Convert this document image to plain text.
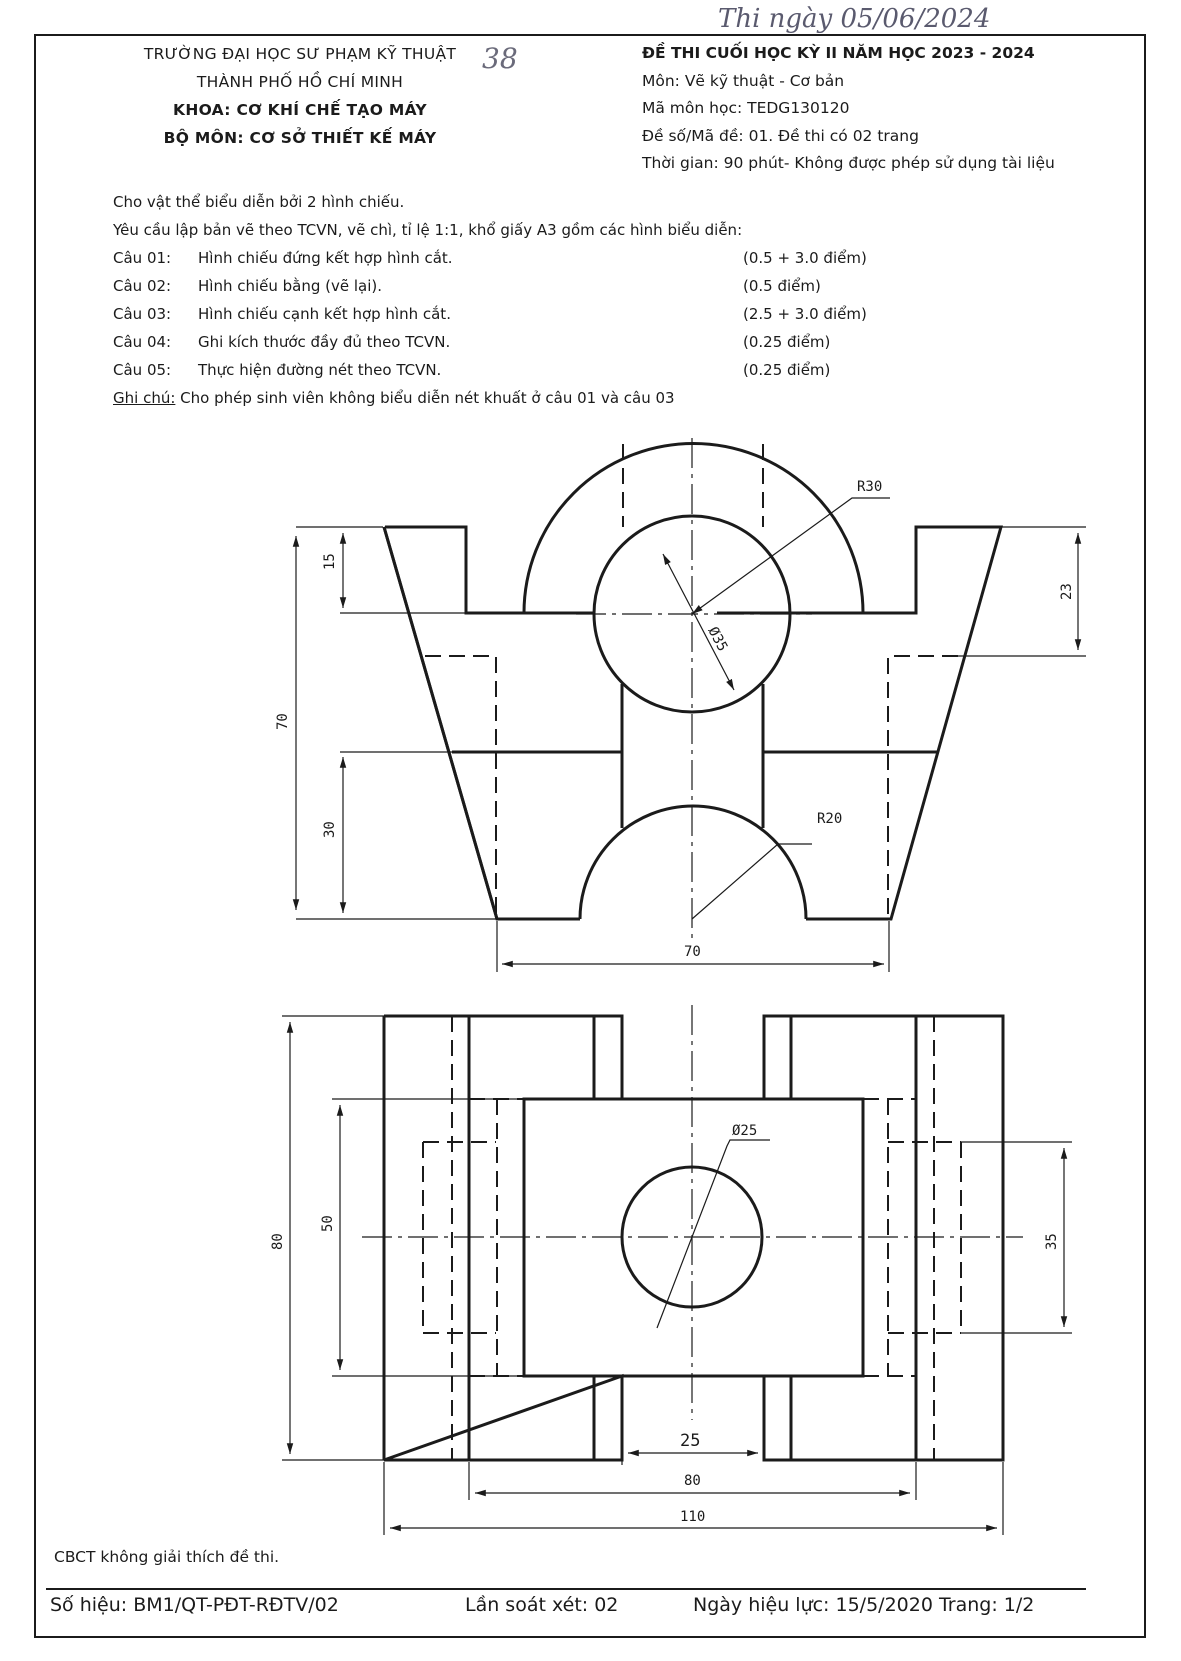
Thi ngày 05/06/2024
38
TRƯỜNG ĐẠI HỌC SƯ PHẠM KỸ THUẬT
THÀNH PHỐ HỒ CHÍ MINH
KHOA: CƠ KHÍ CHẾ TẠO MÁY
BỘ MÔN: CƠ SỞ THIẾT KẾ MÁY
ĐỀ THI CUỐI HỌC KỲ II NĂM HỌC 2023 - 2024
Môn: Vẽ kỹ thuật - Cơ bản
Mã môn học: TEDG130120
Đề số/Mã đề: 01. Đề thi có 02 trang
Thời gian: 90 phút- Không được phép sử dụng tài liệu
Cho vật thể biểu diễn bởi 2 hình chiếu.
Yêu cầu lập bản vẽ theo TCVN, vẽ chì, tỉ lệ 1:1, khổ giấy A3 gồm các hình biểu diễn:
Câu 01: Hình chiếu đứng kết hợp hình cắt.	(0.5 + 3.0 điểm)
Câu 02: Hình chiếu bằng (vẽ lại).	(0.5 điểm)
Câu 03: Hình chiếu cạnh kết hợp hình cắt.	(2.5 + 3.0 điểm)
Câu 04: Ghi kích thước đầy đủ theo TCVN.	(0.25 điểm)
Câu 05: Thực hiện đường nét theo TCVN.	(0.25 điểm)
Ghi chú: Cho phép sinh viên không biểu diễn nét khuất ở câu 01 và câu 03
R30
R20
Ø35
15
70
30
23
70
Ø25
80
50
35
25
80
110
CBCT không giải thích đề thi.
Số hiệu: BM1/QT-PĐT-RĐTV/02	Lần soát xét: 02	Ngày hiệu lực: 15/5/2020 Trang: 1/2
